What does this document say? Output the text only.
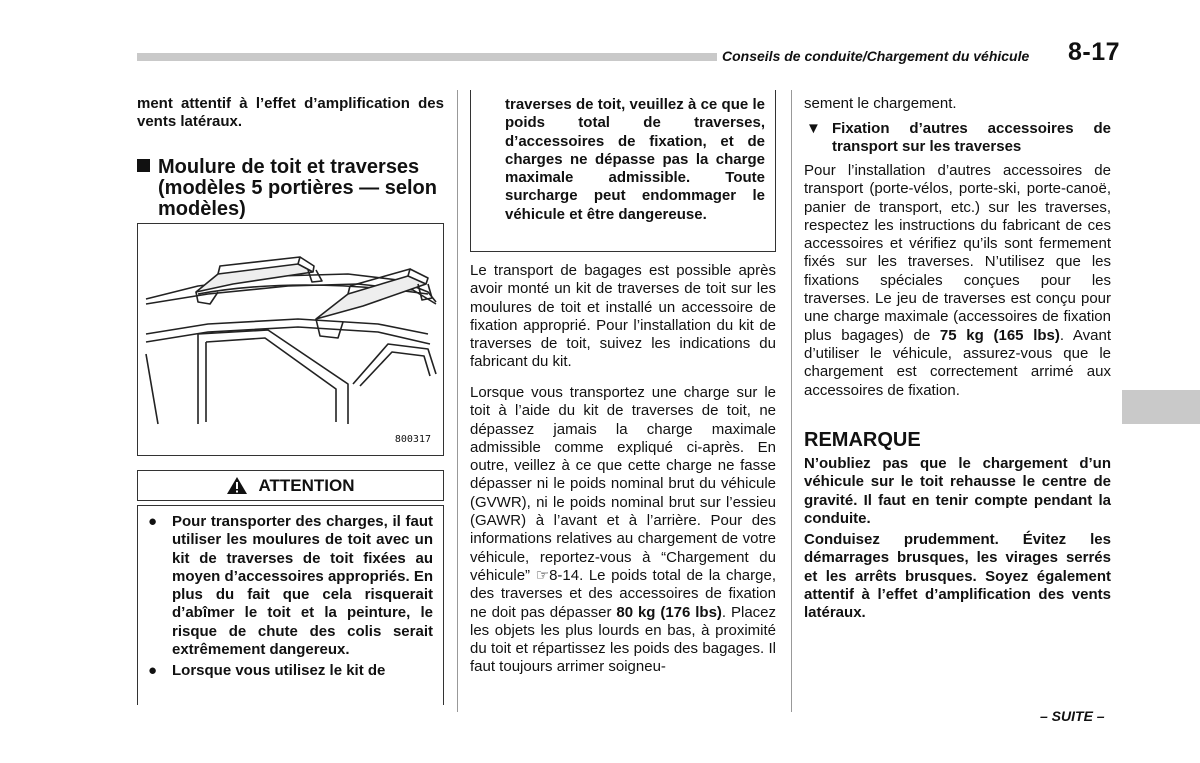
Conseils de conduite/Chargement du véhicule 8-17
ment attentif à l’effet d’amplification des vents latéraux.
Moulure de toit et traverses (modèles 5 portières — selon modèles)
800317
ATTENTION
● Pour transporter des charges, il faut utiliser les moulures de toit avec un kit de traverses de toit fixées au moyen d’accessoires appropriés. En plus du fait que cela risquerait d’abîmer le toit et la peinture, le risque de chute des colis serait extrêmement dangereux.
● Lorsque vous utilisez le kit de
traverses de toit, veuillez à ce que le poids total de traverses, d’accessoires de fixation, et de charges ne dépasse pas la charge maximale admissible. Toute surcharge peut endommager le véhicule et être dangereuse.
Le transport de bagages est possible après avoir monté un kit de traverses de toit sur les moulures de toit et installé un accessoire de fixation approprié. Pour l’installation du kit de traverses de toit, suivez les indications du fabricant du kit.
Lorsque vous transportez une charge sur le toit à l’aide du kit de traverses de toit, ne dépassez jamais la charge maximale admissible comme expliqué ci-après. En outre, veillez à ce que cette charge ne fasse dépasser ni le poids nominal brut du véhicule (GVWR), ni le poids nominal brut sur l’essieu (GAWR) à l’avant et à l’arrière. Pour des informations relatives au chargement de votre véhicule, reportez-vous à “Chargement du véhicule” ☞8-14. Le poids total de la charge, des traverses et des accessoires de fixation ne doit pas dépasser 80 kg (176 lbs). Placez les objets les plus lourds en bas, à proximité du toit et répartissez les poids des bagages. Il faut toujours arrimer soigneu-
sement le chargement.
▼ Fixation d’autres accessoires de transport sur les traverses
Pour l’installation d’autres accessoires de transport (porte-vélos, porte-ski, porte-canoë, panier de transport, etc.) sur les traverses, respectez les instructions du fabricant de ces accessoires et vérifiez qu’ils sont fermement fixés sur les traverses. N’utilisez que les fixations spéciales conçues pour les traverses. Le jeu de traverses est conçu pour une charge maximale (accessoires de fixation plus bagages) de 75 kg (165 lbs). Avant d’utiliser le véhicule, assurez-vous que le chargement est correctement arrimé aux accessoires de fixation.
REMARQUE
N’oubliez pas que le chargement d’un véhicule sur le toit rehausse le centre de gravité. Il faut en tenir compte pendant la conduite.
Conduisez prudemment. Évitez les démarrages brusques, les virages serrés et les arrêts brusques. Soyez également attentif à l’effet d’amplification des vents latéraux.
– SUITE –
